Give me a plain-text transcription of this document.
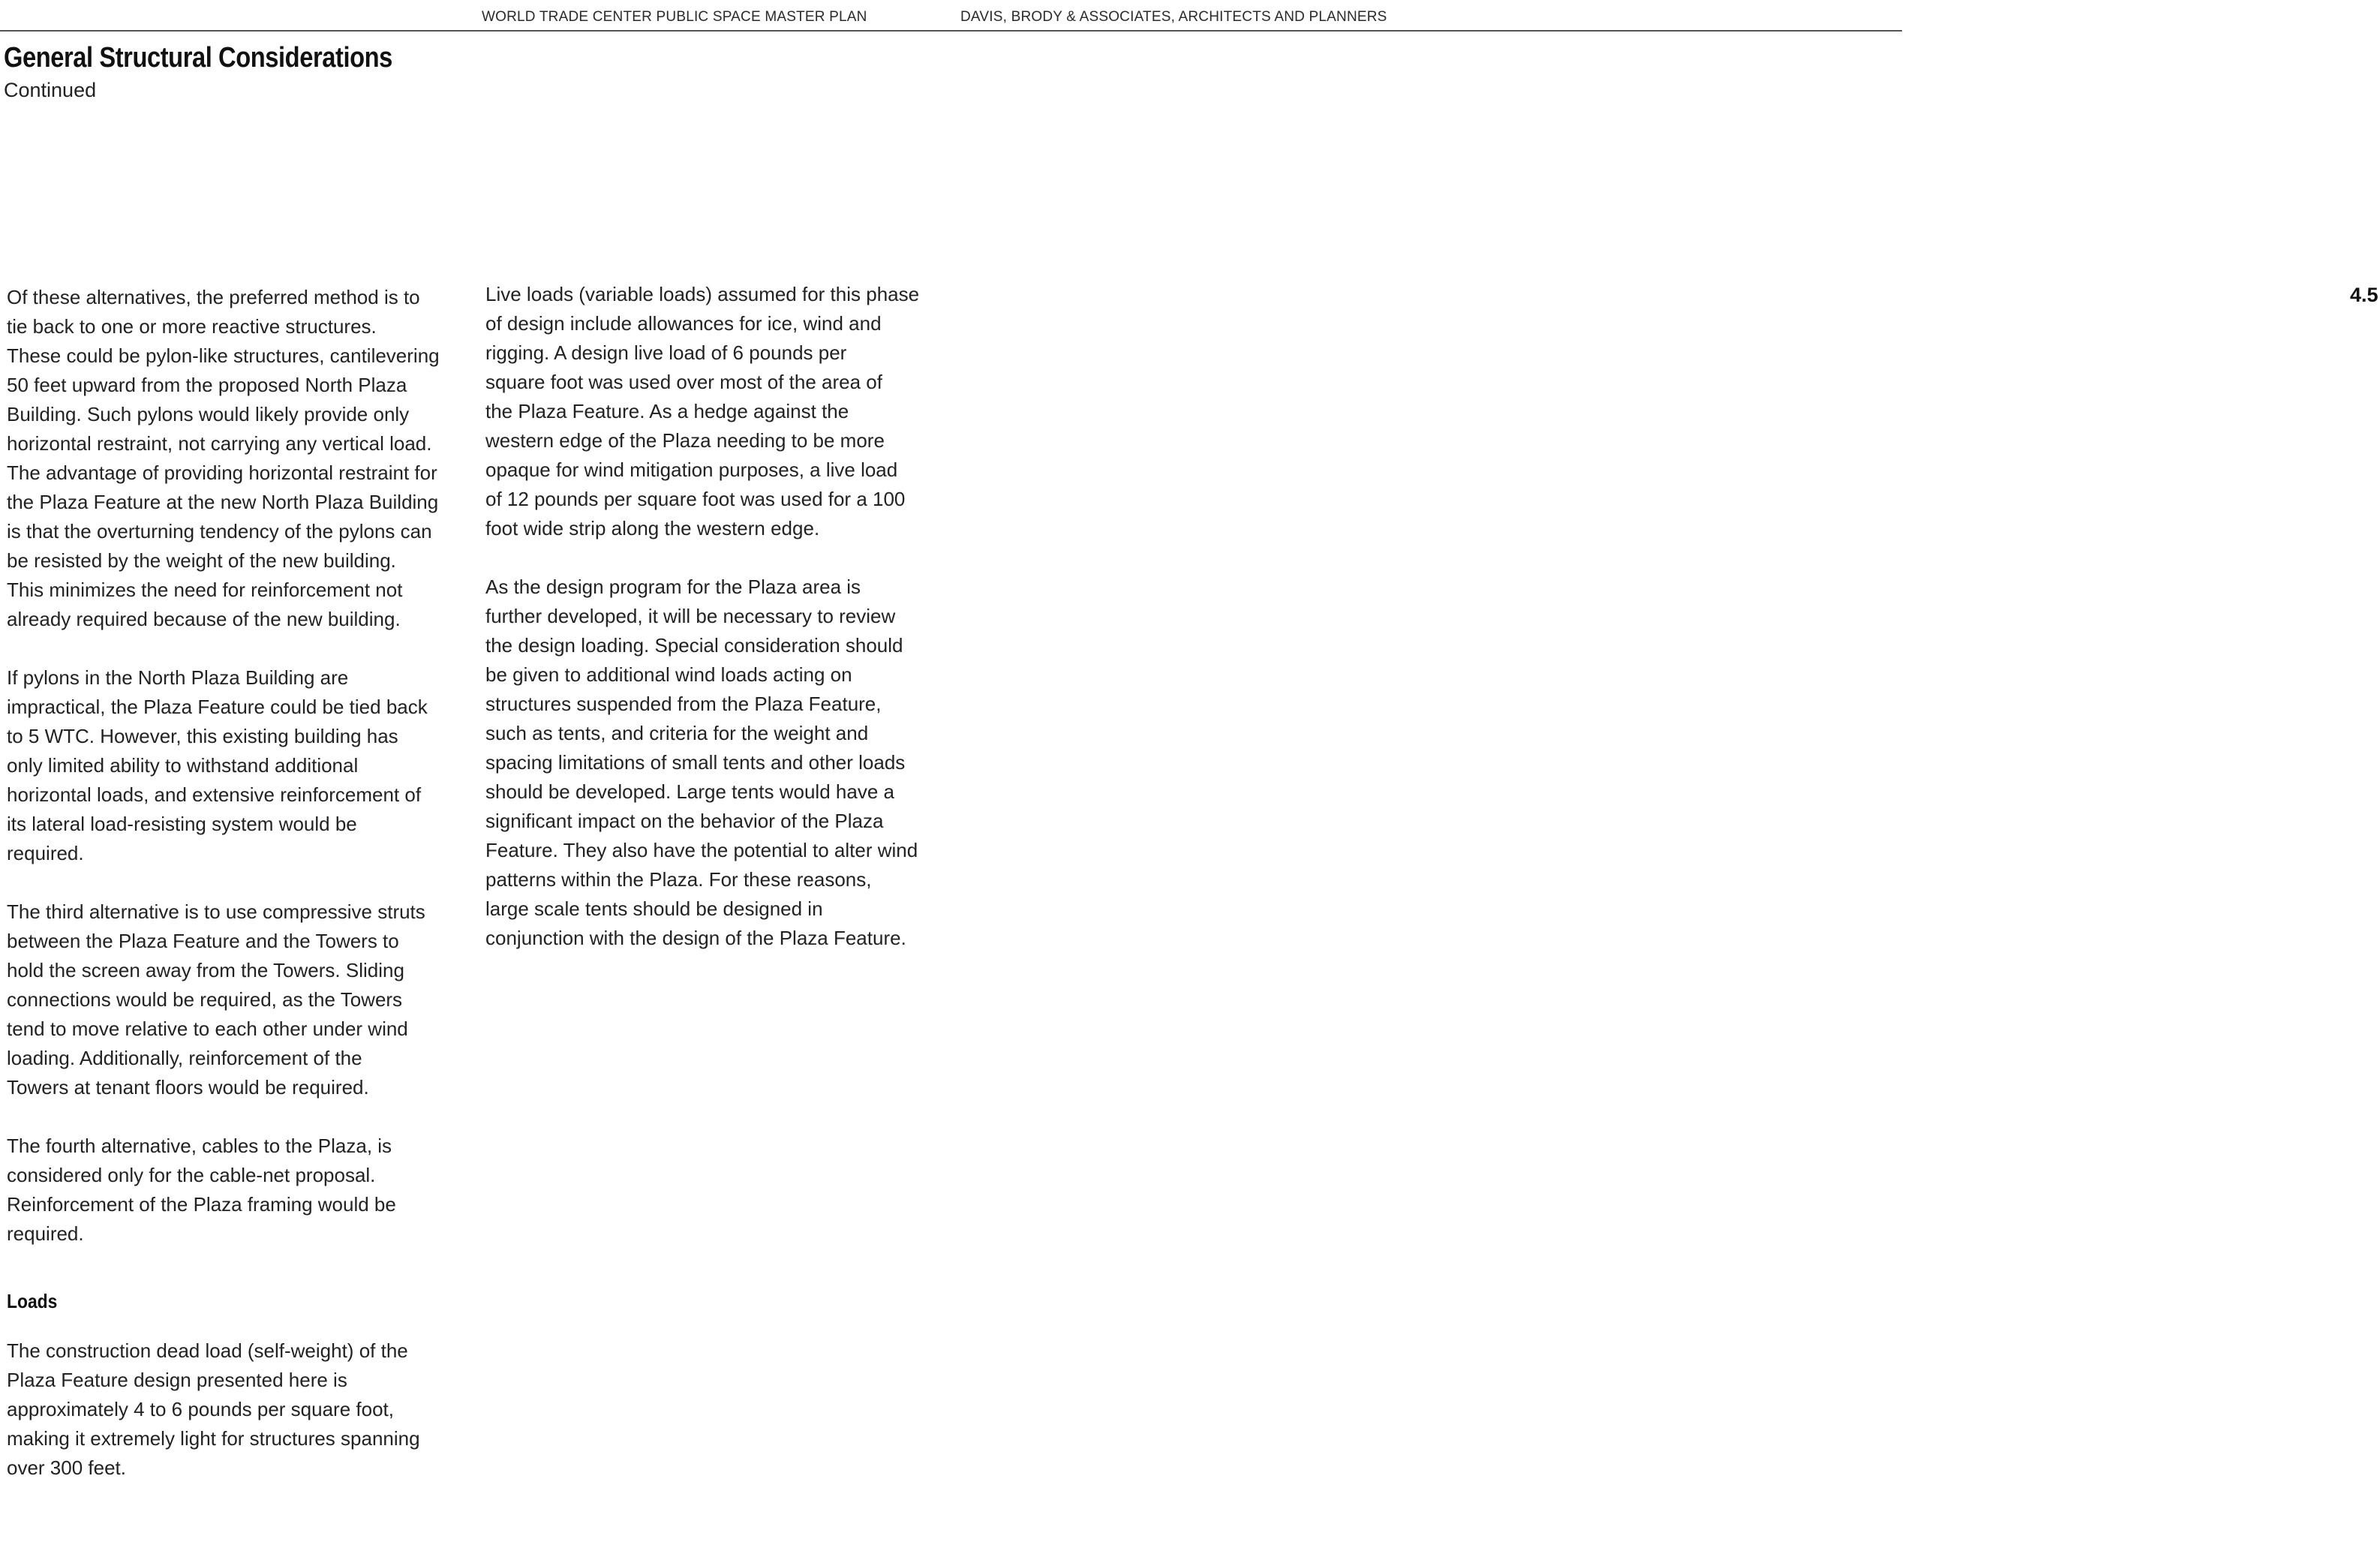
WORLD TRADE CENTER PUBLIC SPACE MASTER PLAN	DAVIS, BRODY & ASSOCIATES, ARCHITECTS AND PLANNERS
General Structural Considerations
Continued
4.5

Of these alternatives, the preferred method is to
tie back to one or more reactive structures.
These could be pylon-like structures, cantilevering
50 feet upward from the proposed North Plaza
Building. Such pylons would likely provide only
horizontal restraint, not carrying any vertical load.
The advantage of providing horizontal restraint for
the Plaza Feature at the new North Plaza Building
is that the overturning tendency of the pylons can
be resisted by the weight of the new building.
This minimizes the need for reinforcement not
already required because of the new building.

If pylons in the North Plaza Building are
impractical, the Plaza Feature could be tied back
to 5 WTC. However, this existing building has
only limited ability to withstand additional
horizontal loads, and extensive reinforcement of
its lateral load-resisting system would be
required.

The third alternative is to use compressive struts
between the Plaza Feature and the Towers to
hold the screen away from the Towers. Sliding
connections would be required, as the Towers
tend to move relative to each other under wind
loading. Additionally, reinforcement of the
Towers at tenant floors would be required.

The fourth alternative, cables to the Plaza, is
considered only for the cable-net proposal.
Reinforcement of the Plaza framing would be
required.

Loads

The construction dead load (self-weight) of the
Plaza Feature design presented here is
approximately 4 to 6 pounds per square foot,
making it extremely light for structures spanning
over 300 feet.

Live loads (variable loads) assumed for this phase
of design include allowances for ice, wind and
rigging. A design live load of 6 pounds per
square foot was used over most of the area of
the Plaza Feature. As a hedge against the
western edge of the Plaza needing to be more
opaque for wind mitigation purposes, a live load
of 12 pounds per square foot was used for a 100
foot wide strip along the western edge.

As the design program for the Plaza area is
further developed, it will be necessary to review
the design loading. Special consideration should
be given to additional wind loads acting on
structures suspended from the Plaza Feature,
such as tents, and criteria for the weight and
spacing limitations of small tents and other loads
should be developed. Large tents would have a
significant impact on the behavior of the Plaza
Feature. They also have the potential to alter wind
patterns within the Plaza. For these reasons,
large scale tents should be designed in
conjunction with the design of the Plaza Feature.
